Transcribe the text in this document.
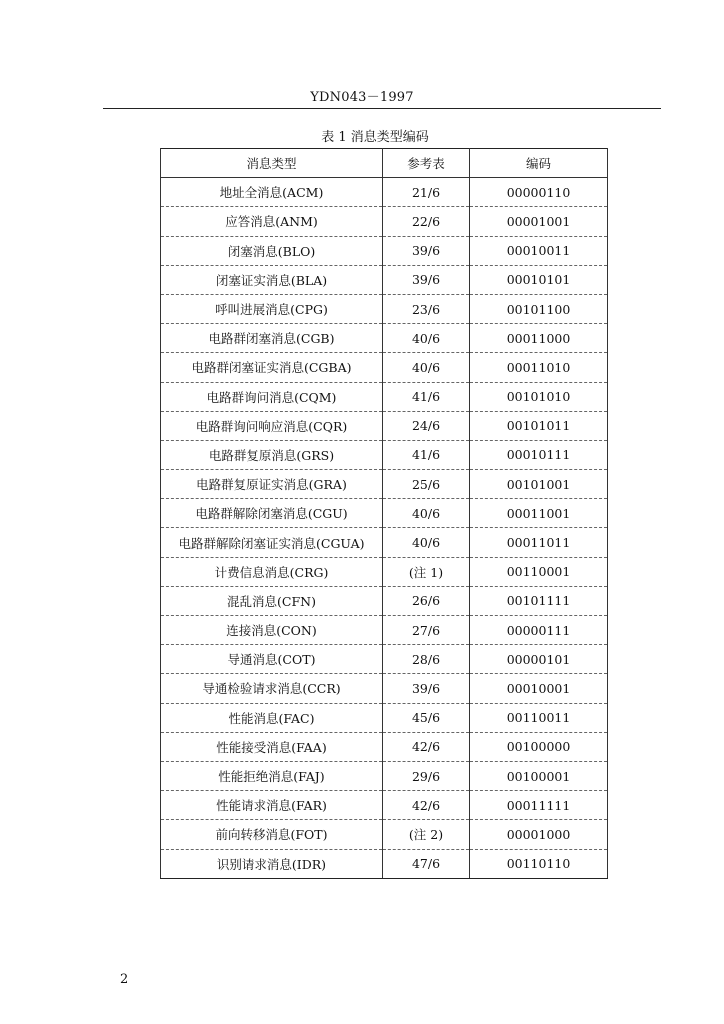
YDN043－1997
表 1 消息类型编码
消息类型	参考表	编码
地址全消息(ACM)	21/6	00000110
应答消息(ANM)	22/6	00001001
闭塞消息(BLO)	39/6	00010011
闭塞证实消息(BLA)	39/6	00010101
呼叫进展消息(CPG)	23/6	00101100
电路群闭塞消息(CGB)	40/6	00011000
电路群闭塞证实消息(CGBA)	40/6	00011010
电路群询问消息(CQM)	41/6	00101010
电路群询问响应消息(CQR)	24/6	00101011
电路群复原消息(GRS)	41/6	00010111
电路群复原证实消息(GRA)	25/6	00101001
电路群解除闭塞消息(CGU)	40/6	00011001
电路群解除闭塞证实消息(CGUA)	40/6	00011011
计费信息消息(CRG)	(注 1)	00110001
混乱消息(CFN)	26/6	00101111
连接消息(CON)	27/6	00000111
导通消息(COT)	28/6	00000101
导通检验请求消息(CCR)	39/6	00010001
性能消息(FAC)	45/6	00110011
性能接受消息(FAA)	42/6	00100000
性能拒绝消息(FAJ)	29/6	00100001
性能请求消息(FAR)	42/6	00011111
前向转移消息(FOT)	(注 2)	00001000
识别请求消息(IDR)	47/6	00110110
2
